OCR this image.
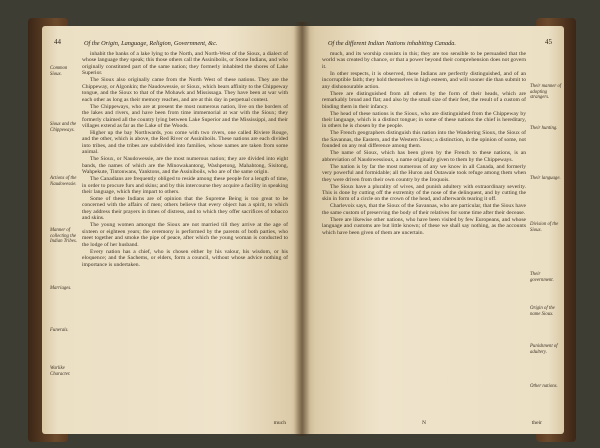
44	Of the Origin, Language, Religion, Government, &c.
Common Sioux.
Sioux and the Chippeways.
Actions of the Naudowessie.
Manner of collecting the Indian Tribes.
Marriages.
Funerals.
Warlike Character.

inhabit the banks of a lake lying to the North, and North-West of the Sioux, a dialect of whose language they speak; this those others call the Assiniboils, or Stone Indians, and who originally constituted part of the same nation; they formerly inhabited the shores of Lake Superior.

The Sioux also originally came from the North West of these nations. They are the Chippeway, or Algonkin; the Naudowessie, or Sioux, which bears affinity to the Chippeway tongue, and the Sioux to that of the Mohawk and Mississaga. They have been at war with each other as long as their memory reaches, and are at this day in perpetual contest.

The Chippeways, who are at present the most numerous nation, live on the borders of the lakes and rivers, and have been from time immemorial at war with the Sioux; they formerly claimed all the country lying between Lake Superior and the Mississippi, and their villages extend as far as the Lake of the Woods.

Higher up the bay Northwards, you come with two rivers, one called Riviere Rouge, and the other, which is above, the Red River or Assiniboils. These nations are each divided into tribes, and the tribes are subdivided into families, whose names are taken from some animal.

The Sioux, or Naudowessie, are the most numerous nation; they are divided into eight bands, the names of which are the Minowakantong, Washpetong, Mahahtong, Sisitong, Wahpekute, Tintonwans, Yanktons, and the Assiniboils, who are of the same origin.

The Canadians are frequently obliged to reside among these people for a length of time, in order to procure furs and skins; and by this intercourse they acquire a facility in speaking their language, which they impart to others.

Some of these Indians are of opinion that the Supreme Being is too great to be concerned with the affairs of men; others believe that every object has a spirit, to which they address their prayers in times of distress, and to which they offer sacrifices of tobacco and skins.

The young women amongst the Sioux are not married till they arrive at the age of sixteen or eighteen years; the ceremony is performed by the parents of both parties, who meet together and smoke the pipe of peace, after which the young woman is conducted to the lodge of her husband.

Every nation has a chief, who is chosen either by his valour, his wisdom, or his eloquence; and the Sachems, or elders, form a council, without whose advice nothing of importance is undertaken.

much
Of the different Indian Nations inhabiting Canada.	45
Their manner of adopting strangers.
Their hunting.
Their language.
Division of the Sioux.
Their government.
Origin of the name Sioux.
Punishment of adultery.
Other nations.

much, and its worship consists in this; they are too sensible to be persuaded that the world was created by chance, or that a power beyond their comprehension does not govern it.

In other respects, it is observed, these Indians are perfectly distinguished, and of an incorruptible faith; they hold themselves in high esteem, and will sooner die than submit to any dishonourable action.

There are distinguished from all others by the form of their heads, which are remarkably broad and flat; and also by the small size of their feet, the result of a custom of binding them in their infancy.

The head of these nations is the Sioux, who are distinguished from the Chippeway by their language, which is a distinct tongue; in some of these nations the chief is hereditary, in others he is chosen by the people.

The French geographers distinguish this nation into the Wandering Sioux, the Sioux of the Savannas, the Eastern, and the Western Sioux; a distinction, in the opinion of some, not founded on any real difference among them.

The name of Sioux, which has been given by the French to these nations, is an abbreviation of Naudowessioux, a name originally given to them by the Chippeways.

The nation is by far the most numerous of any we know in all Canada, and formerly very powerful and formidable; all the Huron and Outawaie took refuge among them when they were driven from their own country by the Iroquois.

The Sioux have a plurality of wives, and punish adultery with extraordinary severity. This is done by cutting off the extremity of the nose of the delinquent, and by cutting the skin in form of a circle on the crown of the head, and afterwards tearing it off.

Charlevoix says, that the Sioux of the Savannas, who are particular, that the Sioux have the same custom of preserving the body of their relatives for some time after their decease.

There are likewise other nations, who have been visited by few Europeans, and whose language and customs are but little known; of these we shall say nothing, as the accounts which have been given of them are uncertain.

N	their
